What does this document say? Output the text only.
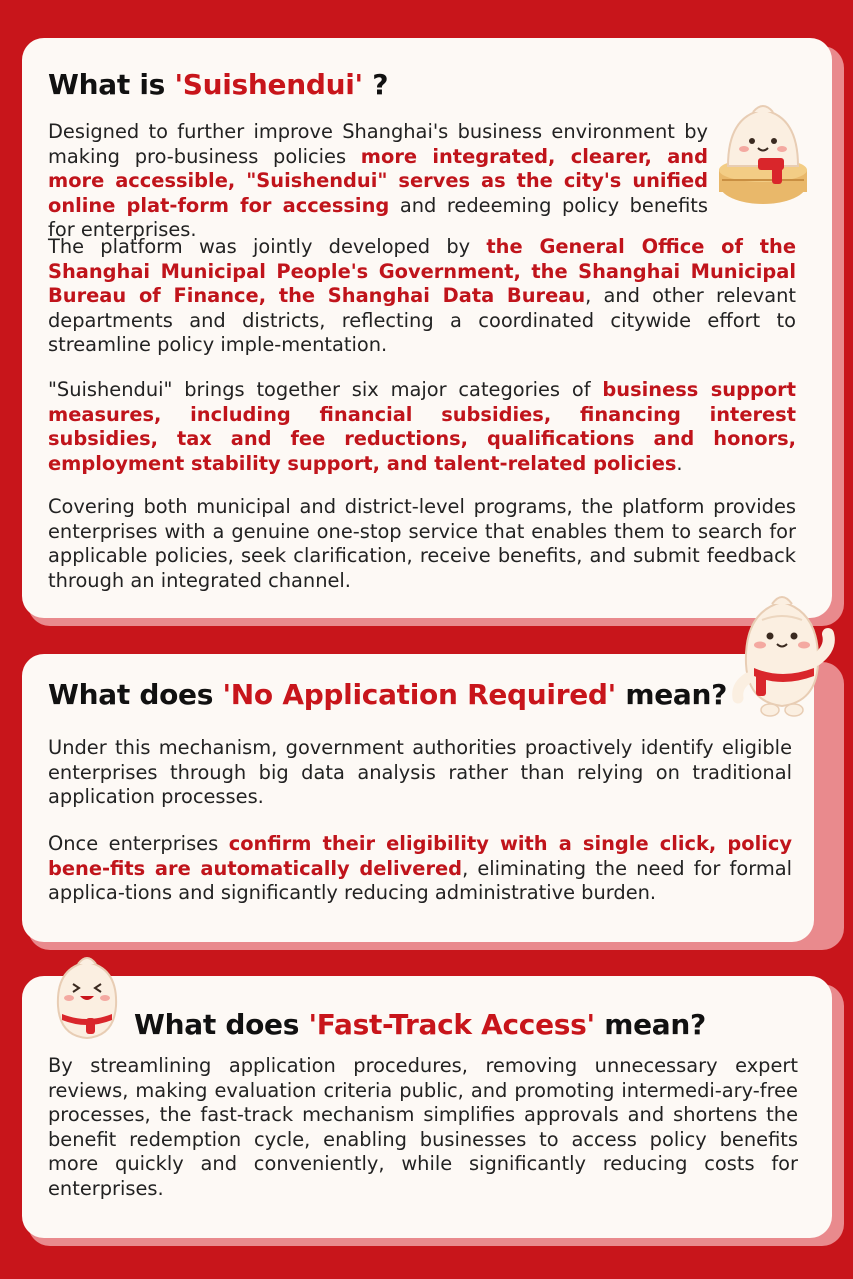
What is 'Suishendui' ?

Designed to further improve Shanghai's business environment by making pro-business policies more integrated, clearer, and more accessible, "Suishendui" serves as the city's unified online plat-form for accessing and redeeming policy benefits for enterprises.

The platform was jointly developed by the General Office of the Shanghai Municipal People's Government, the Shanghai Municipal Bureau of Finance, the Shanghai Data Bureau, and other relevant departments and districts, reflecting a coordinated citywide effort to streamline policy imple-mentation.

"Suishendui" brings together six major categories of business support measures, including financial subsidies, financing interest subsidies, tax and fee reductions, qualifications and honors, employment stability support, and talent-related policies.

Covering both municipal and district-level programs, the platform provides enterprises with a genuine one-stop service that enables them to search for applicable policies, seek clarification, receive benefits, and submit feedback through an integrated channel.

What does 'No Application Required' mean?

Under this mechanism, government authorities proactively identify eligible enterprises through big data analysis rather than relying on traditional application processes.

Once enterprises confirm their eligibility with a single click, policy bene-fits are automatically delivered, eliminating the need for formal applica-tions and significantly reducing administrative burden.

What does 'Fast-Track Access' mean?

By streamlining application procedures, removing unnecessary expert reviews, making evaluation criteria public, and promoting intermedi-ary-free processes, the fast-track mechanism simplifies approvals and shortens the benefit redemption cycle, enabling businesses to access policy benefits more quickly and conveniently, while significantly reducing costs for enterprises.
